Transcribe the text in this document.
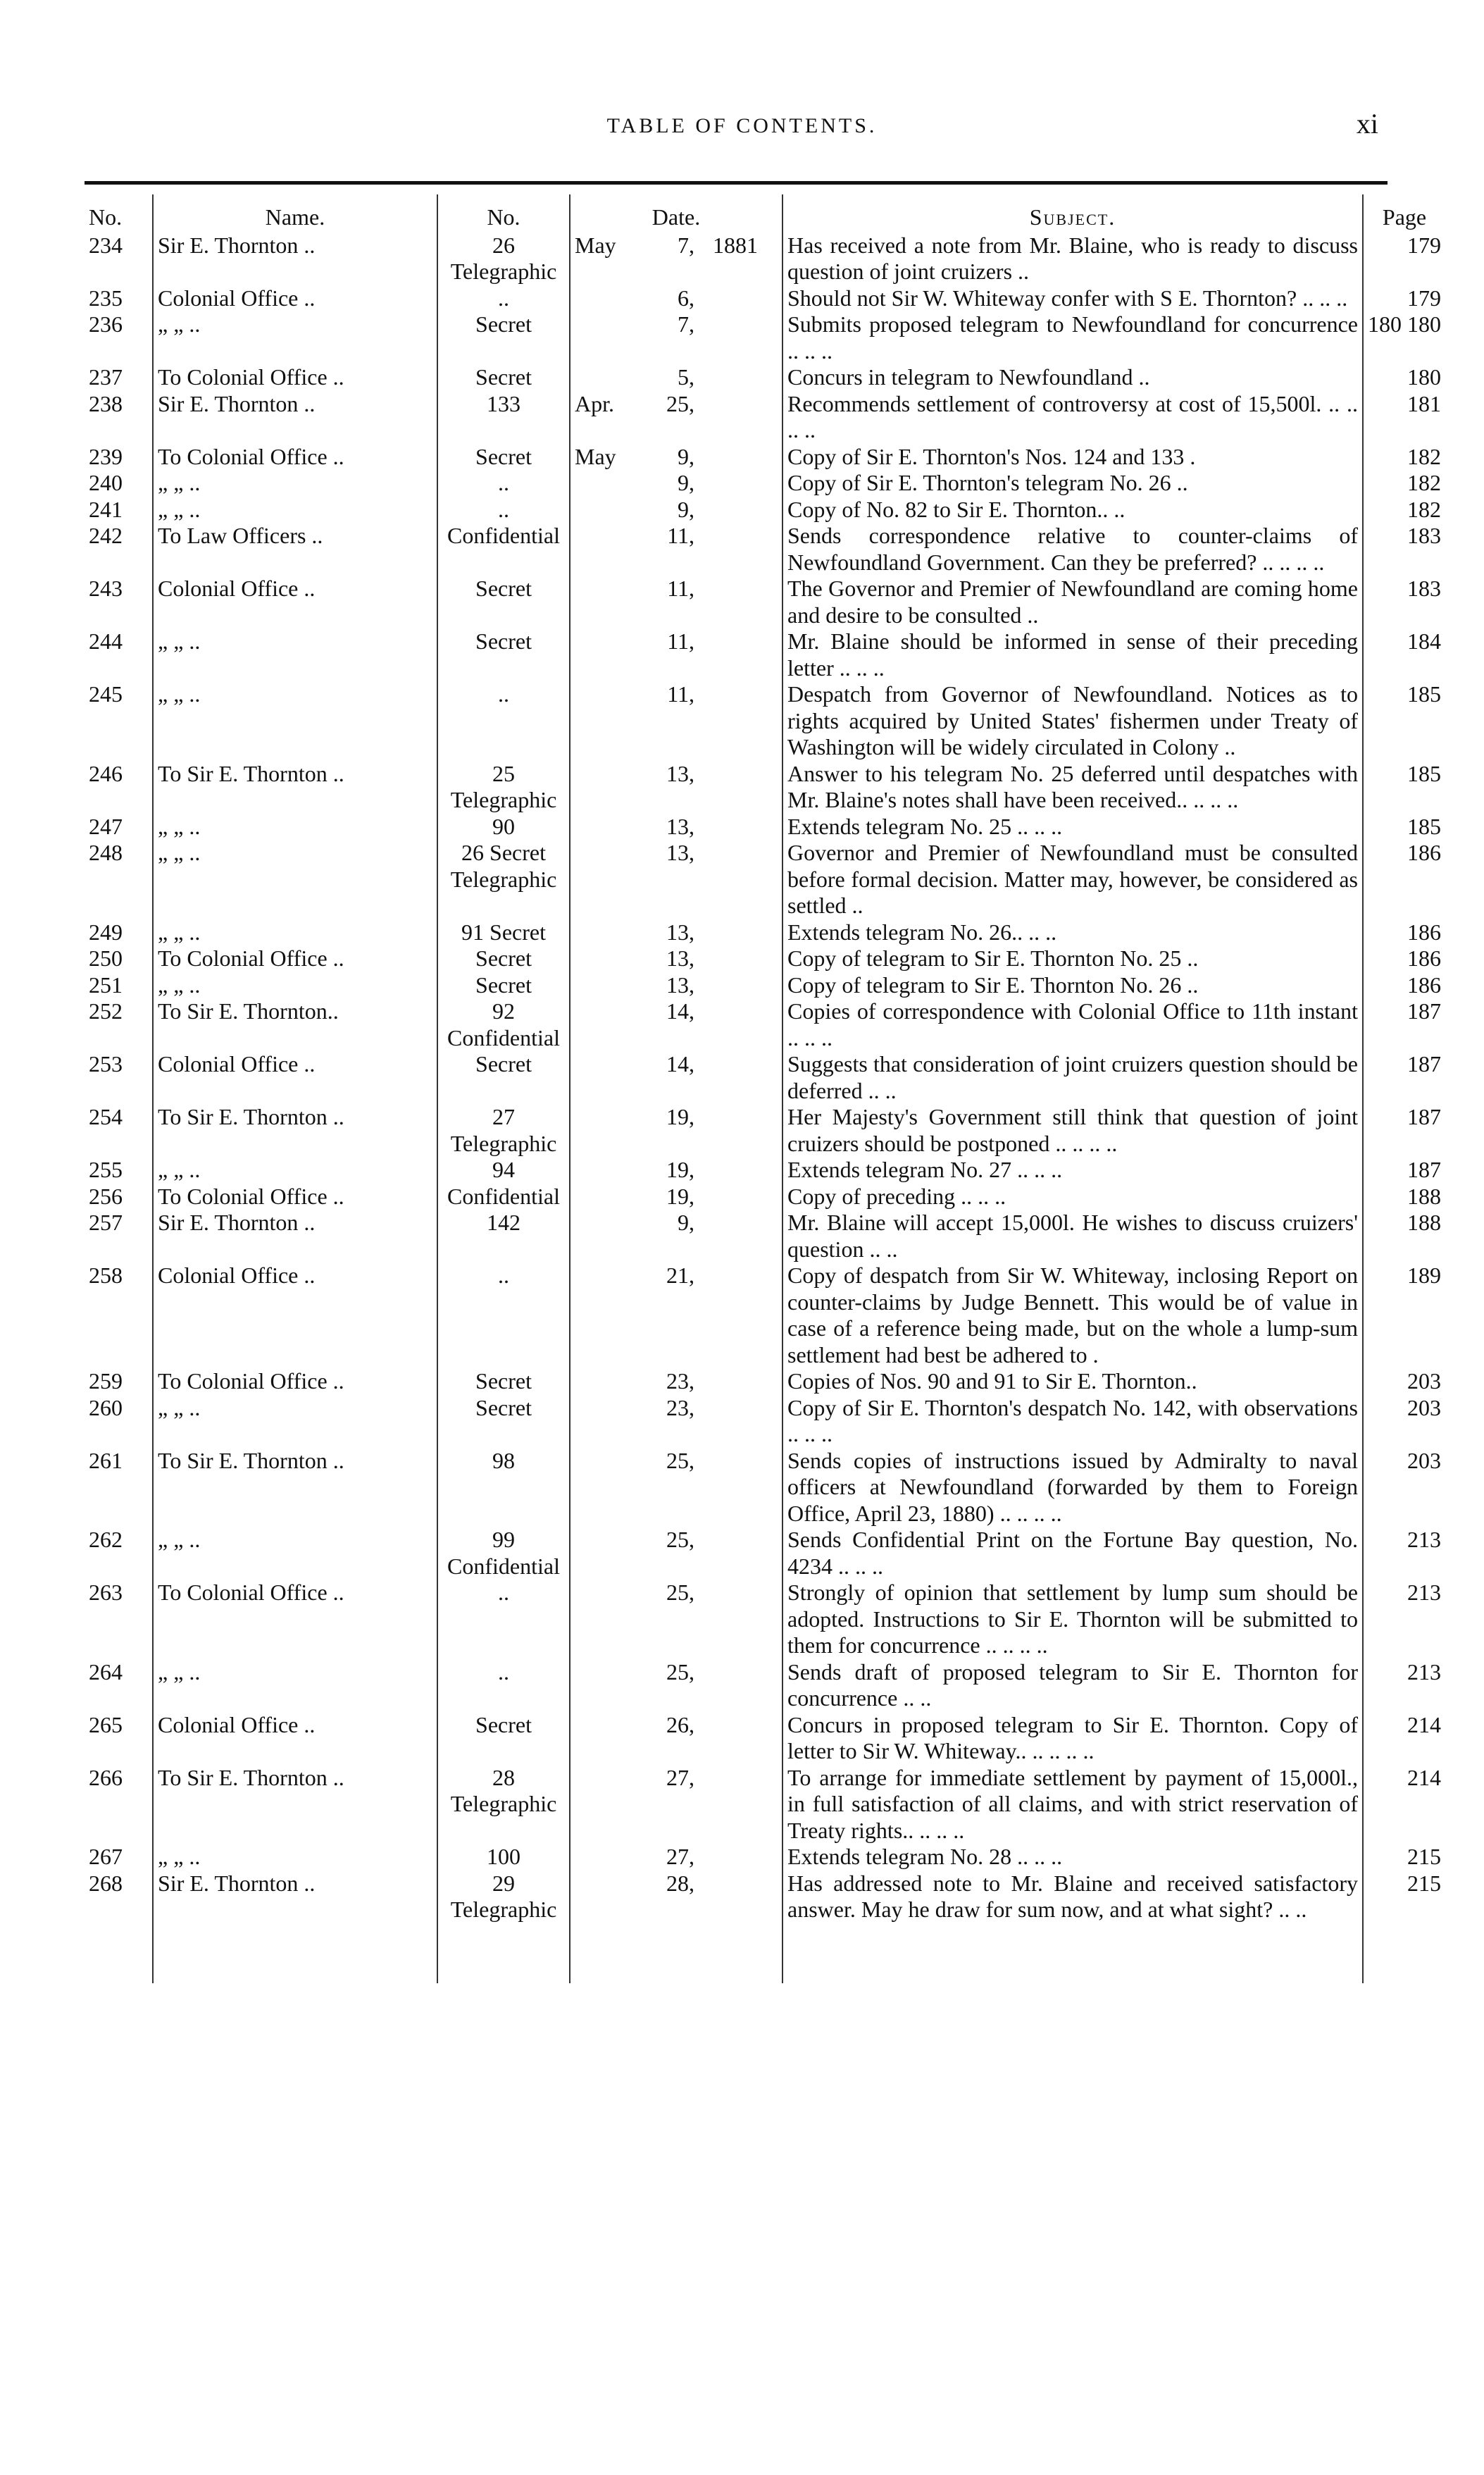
TABLE OF CONTENTS.	xi
No.	Name.	No.	Date.	Subject.	Page
234	Sir E. Thornton ..	26 Telegraphic	May 7, 1881	Has received a note from Mr. Blaine, who is ready to discuss question of joint cruizers ..	179
235	Colonial Office ..	..	6,	Should not Sir W. Whiteway confer with S E. Thornton? .. .. ..	179
236	„ „ ..	Secret	7,	Submits proposed telegram to Newfoundland for concurrence .. .. ..	180 180
237	To Colonial Office ..	Secret	5,	Concurs in telegram to Newfoundland ..	180
238	Sir E. Thornton ..	133	Apr. 25,	Recommends settlement of controversy at cost of 15,500l. .. .. .. ..	181
239	To Colonial Office ..	Secret	May 9,	Copy of Sir E. Thornton's Nos. 124 and 133 .	182
240	„ „ ..	..	9,	Copy of Sir E. Thornton's telegram No. 26 ..	182
241	„ „ ..	..	9,	Copy of No. 82 to Sir E. Thornton.. ..	182
242	To Law Officers ..	Confidential	11,	Sends correspondence relative to counter-claims of Newfoundland Government. Can they be preferred? .. .. .. ..	183
243	Colonial Office ..	Secret	11,	The Governor and Premier of Newfoundland are coming home and desire to be consulted ..	183
244	„ „ ..	Secret	11,	Mr. Blaine should be informed in sense of their preceding letter .. .. ..	184
245	„ „ ..	..	11,	Despatch from Governor of Newfoundland. Notices as to rights acquired by United States' fishermen under Treaty of Washington will be widely circulated in Colony ..	185
246	To Sir E. Thornton ..	25 Telegraphic	13,	Answer to his telegram No. 25 deferred until despatches with Mr. Blaine's notes shall have been received.. .. .. ..	185
247	„ „ ..	90	13,	Extends telegram No. 25 .. .. ..	185
248	„ „ ..	26 Secret Telegraphic	13,	Governor and Premier of Newfoundland must be consulted before formal decision. Matter may, however, be considered as settled ..	186
249	„ „ ..	91 Secret	13,	Extends telegram No. 26.. .. ..	186
250	To Colonial Office ..	Secret	13,	Copy of telegram to Sir E. Thornton No. 25 ..	186
251	„ „ ..	Secret	13,	Copy of telegram to Sir E. Thornton No. 26 ..	186
252	To Sir E. Thornton..	92 Confidential	14,	Copies of correspondence with Colonial Office to 11th instant .. .. ..	187
253	Colonial Office ..	Secret	14,	Suggests that consideration of joint cruizers question should be deferred .. ..	187
254	To Sir E. Thornton ..	27 Telegraphic	19,	Her Majesty's Government still think that question of joint cruizers should be postponed .. .. .. ..	187
255	„ „ ..	94	19,	Extends telegram No. 27 .. .. ..	187
256	To Colonial Office ..	Confidential	19,	Copy of preceding .. .. ..	188
257	Sir E. Thornton ..	142	9,	Mr. Blaine will accept 15,000l. He wishes to discuss cruizers' question .. ..	188
258	Colonial Office ..	..	21,	Copy of despatch from Sir W. Whiteway, inclosing Report on counter-claims by Judge Bennett. This would be of value in case of a reference being made, but on the whole a lump-sum settlement had best be adhered to .	189
259	To Colonial Office ..	Secret	23,	Copies of Nos. 90 and 91 to Sir E. Thornton..	203
260	„ „ ..	Secret	23,	Copy of Sir E. Thornton's despatch No. 142, with observations .. .. ..	203
261	To Sir E. Thornton ..	98	25,	Sends copies of instructions issued by Admiralty to naval officers at Newfoundland (forwarded by them to Foreign Office, April 23, 1880) .. .. .. ..	203
262	„ „ ..	99 Confidential	25,	Sends Confidential Print on the Fortune Bay question, No. 4234 .. .. ..	213
263	To Colonial Office ..	..	25,	Strongly of opinion that settlement by lump sum should be adopted. Instructions to Sir E. Thornton will be submitted to them for concurrence .. .. .. ..	213
264	„ „ ..	..	25,	Sends draft of proposed telegram to Sir E. Thornton for concurrence .. ..	213
265	Colonial Office ..	Secret	26,	Concurs in proposed telegram to Sir E. Thornton. Copy of letter to Sir W. Whiteway.. .. .. .. ..	214
266	To Sir E. Thornton ..	28 Telegraphic	27,	To arrange for immediate settlement by payment of 15,000l., in full satisfaction of all claims, and with strict reservation of Treaty rights.. .. .. ..	214
267	„ „ ..	100	27,	Extends telegram No. 28 .. .. ..	215
268	Sir E. Thornton ..	29 Telegraphic	28,	Has addressed note to Mr. Blaine and received satisfactory answer. May he draw for sum now, and at what sight? .. ..	215
